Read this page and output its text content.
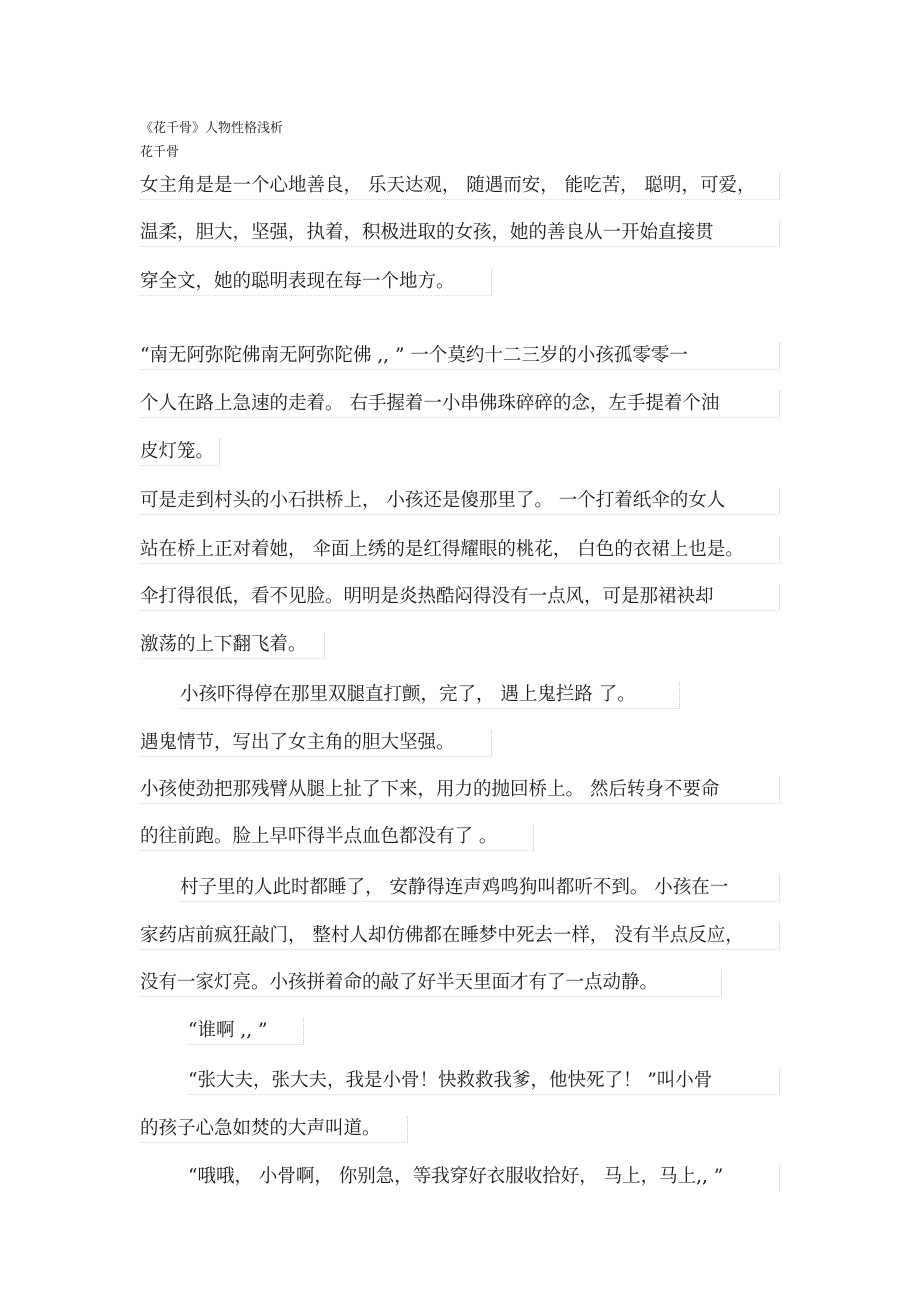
《花千骨》人物性格浅析
花千骨
女主角是是一个心地善良， 乐天达观， 随遇而安， 能吃苦， 聪明，可爱，
温柔，胆大，坚强，执着，积极进取的女孩，她的善良从一开始直接贯
穿全文，她的聪明表现在每一个地方。
“南无阿弥陀佛南无阿弥陀佛 ,, ” 一个莫约十二三岁的小孩孤零零一
个人在路上急速的走着。 右手握着一小串佛珠碎碎的念，左手提着个油
皮灯笼。
可是走到村头的小石拱桥上， 小孩还是傻那里了。 一个打着纸伞的女人
站在桥上正对着她， 伞面上绣的是红得耀眼的桃花， 白色的衣裙上也是。
伞打得很低，看不见脸。明明是炎热酷闷得没有一点风，可是那裙袂却
激荡的上下翻飞着。
小孩吓得停在那里双腿直打颤，完了， 遇上鬼拦路 了。
遇鬼情节，写出了女主角的胆大坚强。
小孩使劲把那残臂从腿上扯了下来，用力的抛回桥上。 然后转身不要命
的往前跑。脸上早吓得半点血色都没有了 。
村子里的人此时都睡了， 安静得连声鸡鸣狗叫都听不到。 小孩在一
家药店前疯狂敲门， 整村人却仿佛都在睡梦中死去一样， 没有半点反应，
没有一家灯亮。小孩拼着命的敲了好半天里面才有了一点动静。
“谁啊 ,, ”
“张大夫，张大夫，我是小骨！快救救我爹，他快死了！ ”叫小骨
的孩子心急如焚的大声叫道。
“哦哦， 小骨啊， 你别急，等我穿好衣服收拾好， 马上，马上,, ”
